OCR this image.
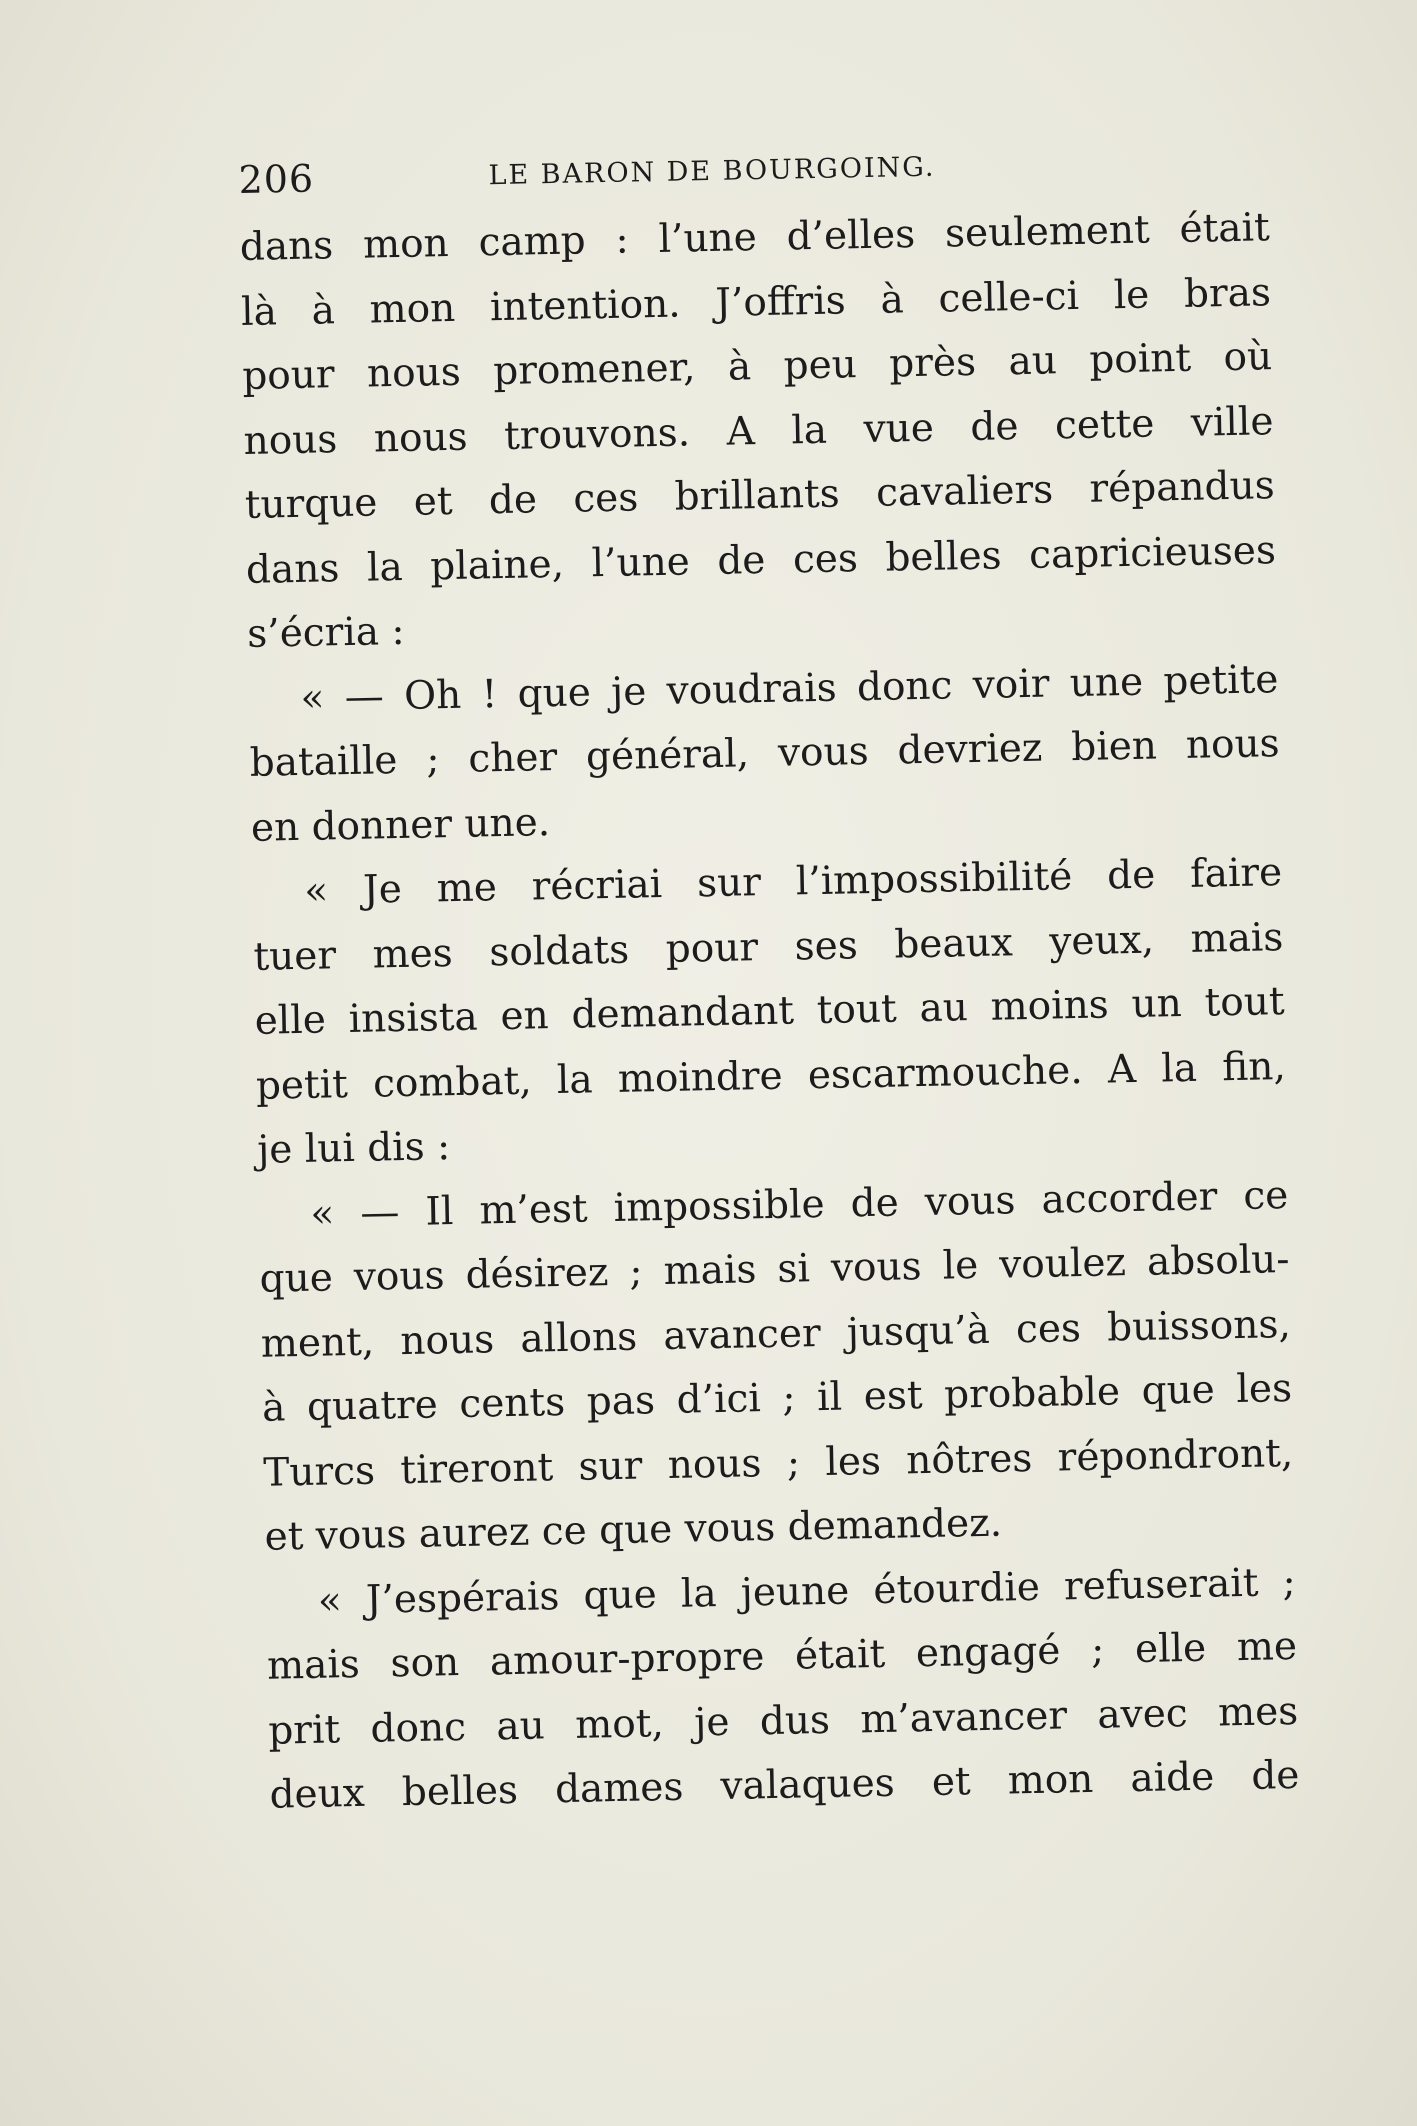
206	LE BARON DE BOURGOING.
dans mon camp : l’une d’elles seulement était
là à mon intention. J’offris à celle-ci le bras
pour nous promener, à peu près au point où
nous nous trouvons. A la vue de cette ville
turque et de ces brillants cavaliers répandus
dans la plaine, l’une de ces belles capricieuses
s’écria :
« — Oh ! que je voudrais donc voir une petite
bataille ; cher général, vous devriez bien nous
en donner une.
« Je me récriai sur l’impossibilité de faire
tuer mes soldats pour ses beaux yeux, mais
elle insista en demandant tout au moins un tout
petit combat, la moindre escarmouche. A la fin,
je lui dis :
« — Il m’est impossible de vous accorder ce
que vous désirez ; mais si vous le voulez absolu-
ment, nous allons avancer jusqu’à ces buissons,
à quatre cents pas d’ici ; il est probable que les
Turcs tireront sur nous ; les nôtres répondront,
et vous aurez ce que vous demandez.
« J’espérais que la jeune étourdie refuserait ;
mais son amour-propre était engagé ; elle me
prit donc au mot, je dus m’avancer avec mes
deux belles dames valaques et mon aide de
